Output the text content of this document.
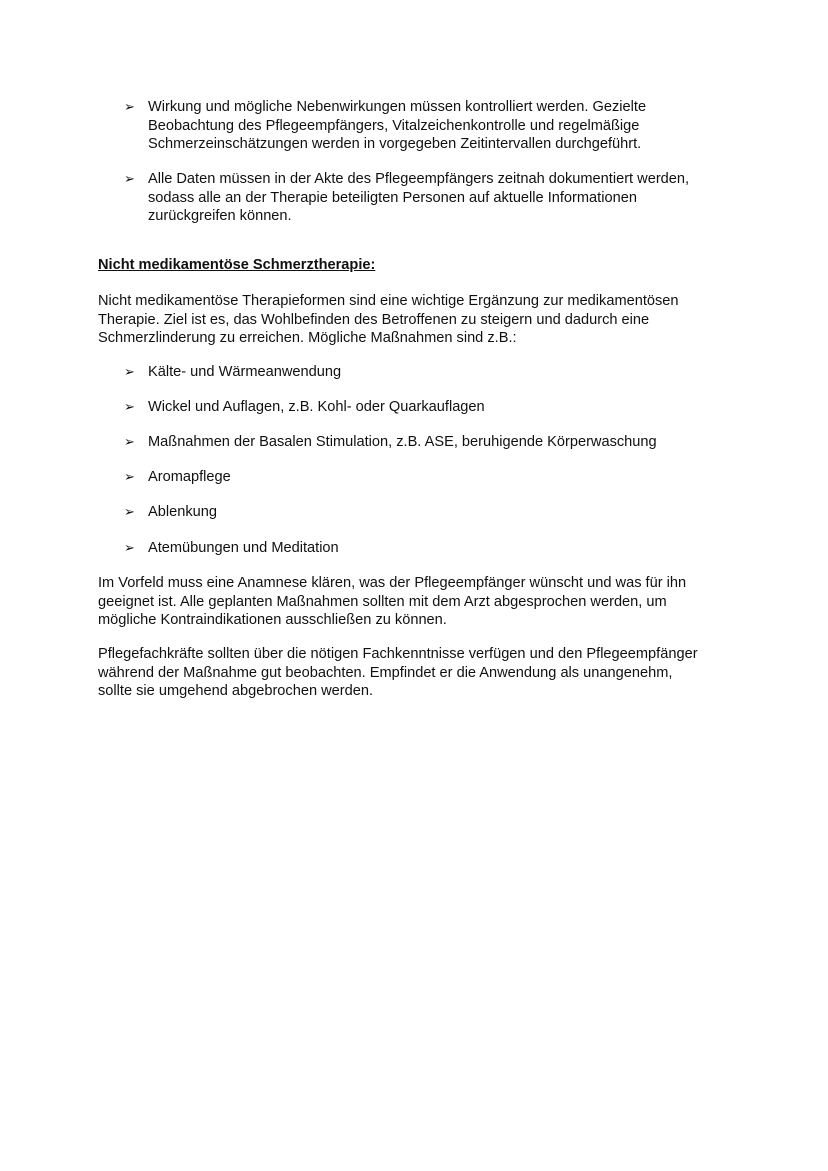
➢ Wirkung und mögliche Nebenwirkungen müssen kontrolliert werden. Gezielte
Beobachtung des Pflegeempfängers, Vitalzeichenkontrolle und regelmäßige
Schmerzeinschätzungen werden in vorgegeben Zeitintervallen durchgeführt.
➢ Alle Daten müssen in der Akte des Pflegeempfängers zeitnah dokumentiert werden,
sodass alle an der Therapie beteiligten Personen auf aktuelle Informationen
zurückgreifen können.
Nicht medikamentöse Schmerztherapie:
Nicht medikamentöse Therapieformen sind eine wichtige Ergänzung zur medikamentösen
Therapie. Ziel ist es, das Wohlbefinden des Betroffenen zu steigern und dadurch eine
Schmerzlinderung zu erreichen. Mögliche Maßnahmen sind z.B.:
➢ Kälte- und Wärmeanwendung
➢ Wickel und Auflagen, z.B. Kohl- oder Quarkauflagen
➢ Maßnahmen der Basalen Stimulation, z.B. ASE, beruhigende Körperwaschung
➢ Aromapflege
➢ Ablenkung
➢ Atemübungen und Meditation
Im Vorfeld muss eine Anamnese klären, was der Pflegeempfänger wünscht und was für ihn
geeignet ist. Alle geplanten Maßnahmen sollten mit dem Arzt abgesprochen werden, um
mögliche Kontraindikationen ausschließen zu können.
Pflegefachkräfte sollten über die nötigen Fachkenntnisse verfügen und den Pflegeempfänger
während der Maßnahme gut beobachten. Empfindet er die Anwendung als unangenehm,
sollte sie umgehend abgebrochen werden.
